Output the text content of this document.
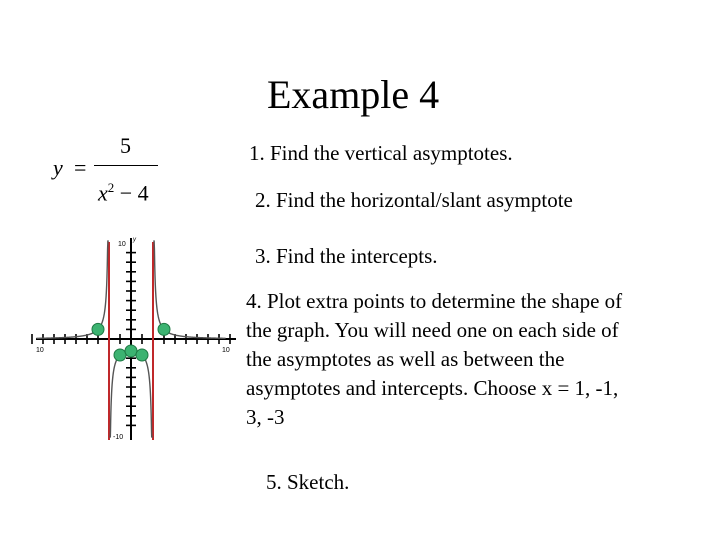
Example 4
y =
5
$x^2 - 4$
1. Find the vertical asymptotes.
2. Find the horizontal/slant asymptote
3. Find the intercepts.
4. Plot extra points to determine the shape of the graph. You will need one on each side of the asymptotes as well as between the asymptotes and intercepts. Choose x = 1, -1, 3, -3
5. Sketch.
10	10
10
-10
y
